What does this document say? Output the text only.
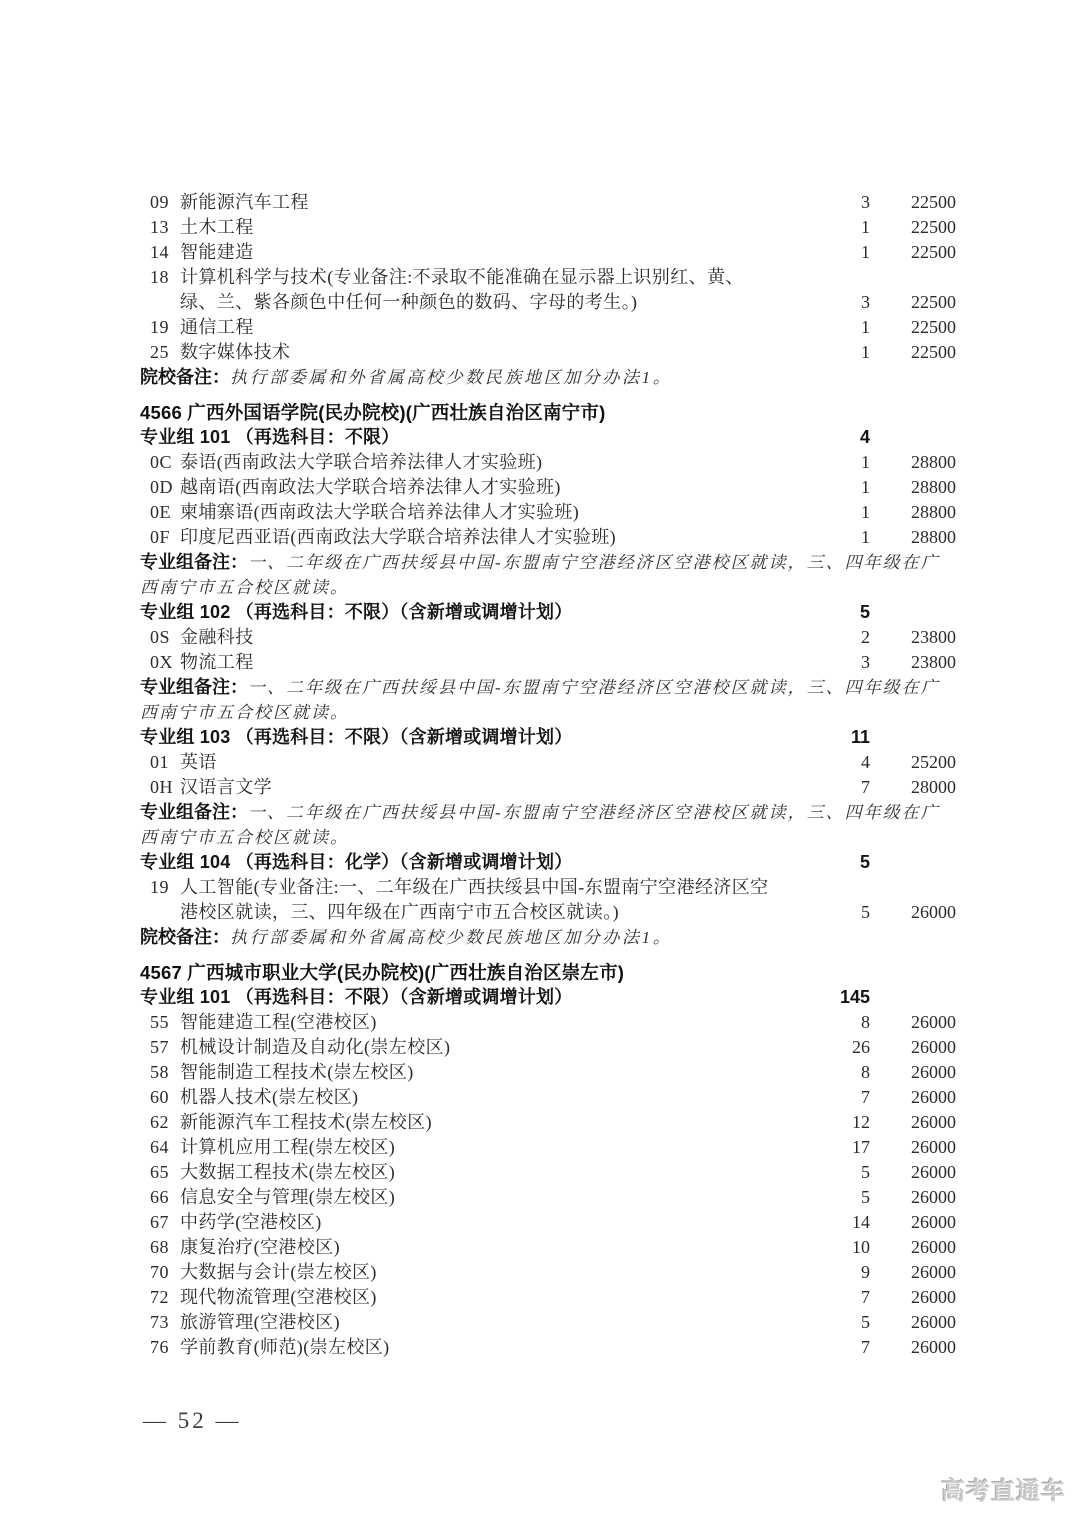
09 新能源汽车工程	3	22500
13 土木工程	1	22500
14 智能建造	1	22500
18 计算机科学与技术(专业备注:不录取不能准确在显示器上识别红、黄、绿、兰、紫各颜色中任何一种颜色的数码、字母的考生。)	3	22500
19 通信工程	1	22500
25 数字媒体技术	1	22500
院校备注：执行部委属和外省属高校少数民族地区加分办法1。
4566 广西外国语学院(民办院校)(广西壮族自治区南宁市)
专业组 101 （再选科目：不限）	4
0C 泰语(西南政法大学联合培养法律人才实验班)	1	28800
0D 越南语(西南政法大学联合培养法律人才实验班)	1	28800
0E 柬埔寨语(西南政法大学联合培养法律人才实验班)	1	28800
0F 印度尼西亚语(西南政法大学联合培养法律人才实验班)	1	28800
专业组备注：一、二年级在广西扶绥县中国-东盟南宁空港经济区空港校区就读，三、四年级在广西南宁市五合校区就读。
专业组 102 （再选科目：不限）（含新增或调增计划）	5
0S 金融科技	2	23800
0X 物流工程	3	23800
专业组备注：一、二年级在广西扶绥县中国-东盟南宁空港经济区空港校区就读，三、四年级在广西南宁市五合校区就读。
专业组 103 （再选科目：不限）（含新增或调增计划）	11
01 英语	4	25200
0H 汉语言文学	7	28000
专业组备注：一、二年级在广西扶绥县中国-东盟南宁空港经济区空港校区就读，三、四年级在广西南宁市五合校区就读。
专业组 104 （再选科目：化学）（含新增或调增计划）	5
19 人工智能(专业备注:一、二年级在广西扶绥县中国-东盟南宁空港经济区空港校区就读，三、四年级在广西南宁市五合校区就读。)	5	26000
院校备注：执行部委属和外省属高校少数民族地区加分办法1。
4567 广西城市职业大学(民办院校)(广西壮族自治区崇左市)
专业组 101 （再选科目：不限）（含新增或调增计划）	145
55 智能建造工程(空港校区)	8	26000
57 机械设计制造及自动化(崇左校区)	26	26000
58 智能制造工程技术(崇左校区)	8	26000
60 机器人技术(崇左校区)	7	26000
62 新能源汽车工程技术(崇左校区)	12	26000
64 计算机应用工程(崇左校区)	17	26000
65 大数据工程技术(崇左校区)	5	26000
66 信息安全与管理(崇左校区)	5	26000
67 中药学(空港校区)	14	26000
68 康复治疗(空港校区)	10	26000
70 大数据与会计(崇左校区)	9	26000
72 现代物流管理(空港校区)	7	26000
73 旅游管理(空港校区)	5	26000
76 学前教育(师范)(崇左校区)	7	26000
— 52 —
高考直通车
